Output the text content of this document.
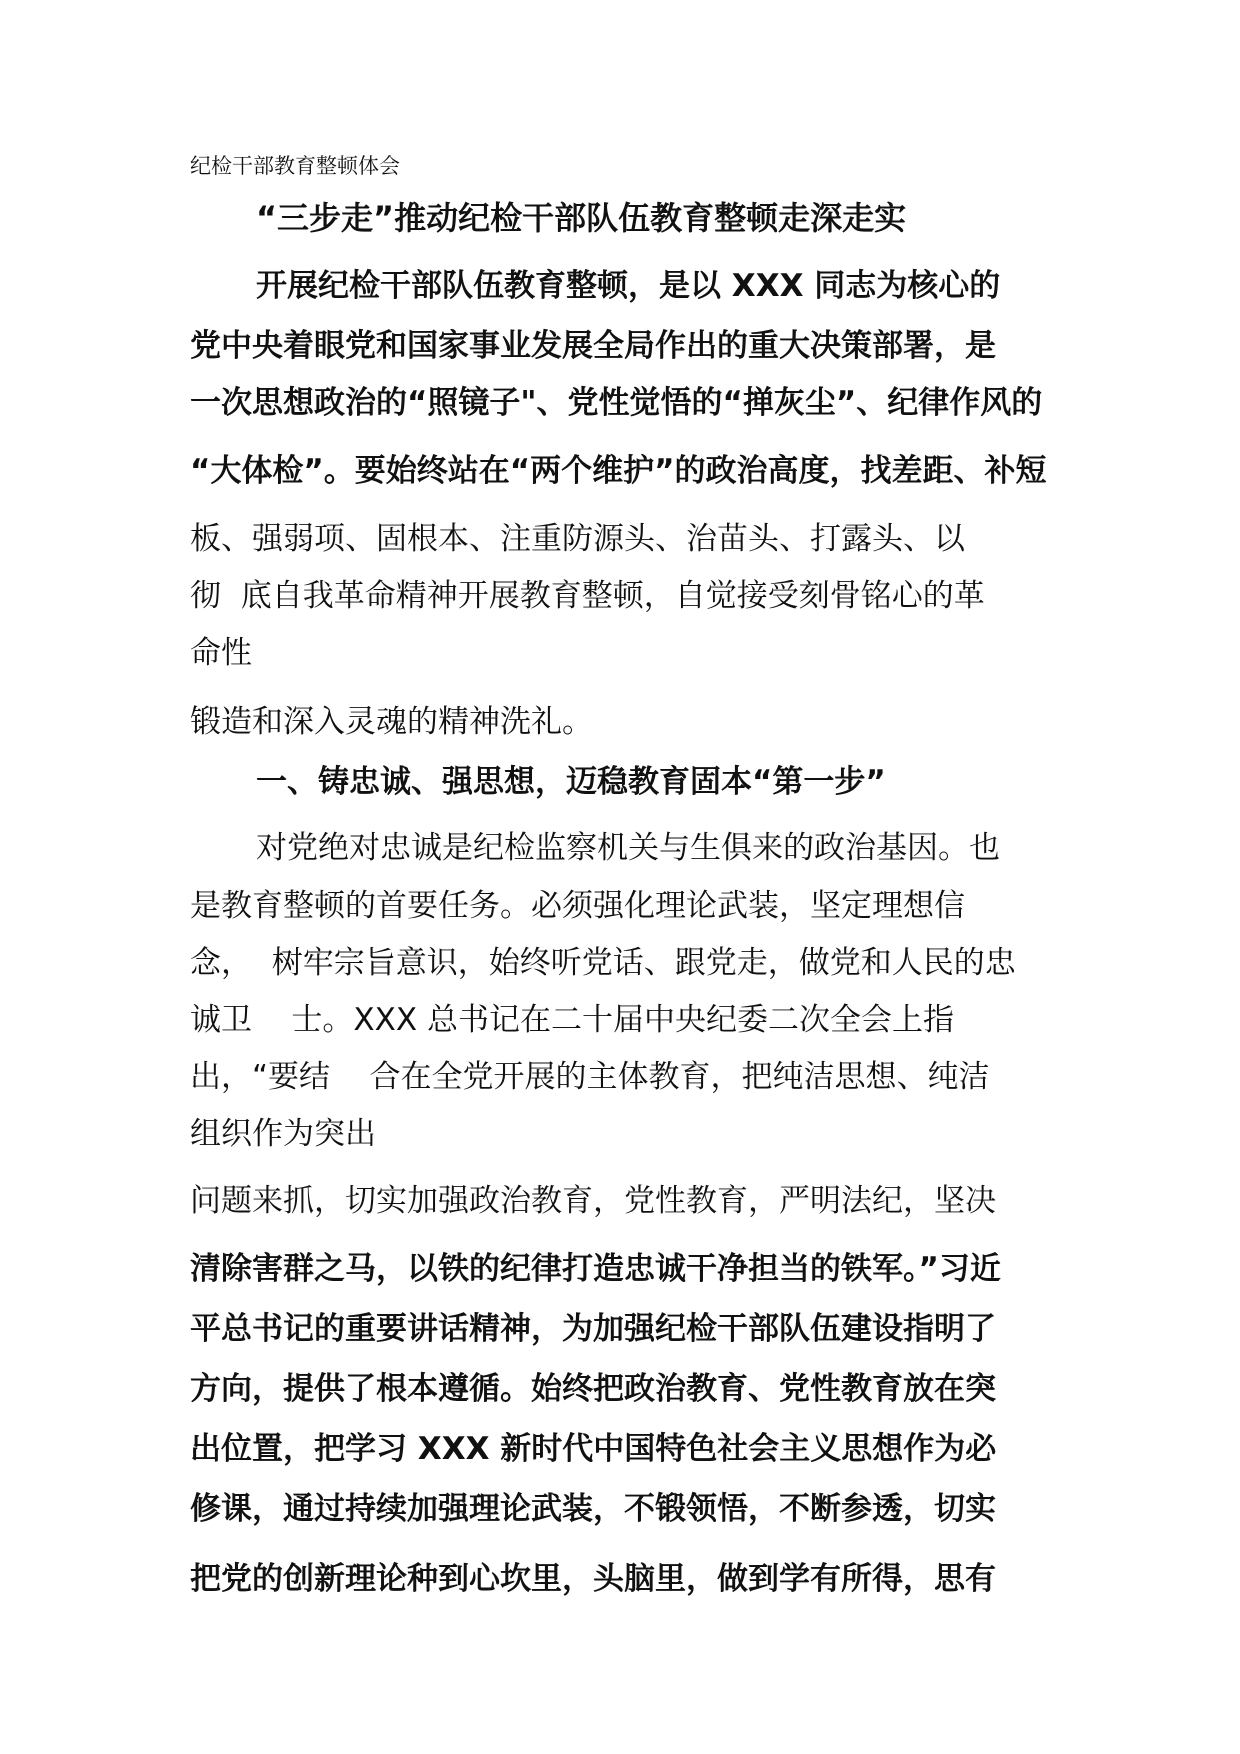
纪检干部教育整顿体会

“三步走”推动纪检干部队伍教育整顿走深走实

开展纪检干部队伍教育整顿，是以 XXX 同志为核心的

党中央着眼党和国家事业发展全局作出的重大决策部署，是

一次思想政治的“照镜子"、党性觉悟的“掸灰尘”、纪律作风的

“大体检”。要始终站在“两个维护”的政治高度，找差距、补短

板、强弱项、固根本、注重防源头、治苗头、打露头、以

彻  底自我革命精神开展教育整顿，自觉接受刻骨铭心的革

命性

锻造和深入灵魂的精神洗礼。

一、铸忠诚、强思想，迈稳教育固本“第一步”

对党绝对忠诚是纪检监察机关与生俱来的政治基因。也

是教育整顿的首要任务。必须强化理论武装，坚定理想信

念，  树牢宗旨意识，始终听党话、跟党走，做党和人民的忠

诚卫    士。XXX 总书记在二十届中央纪委二次全会上指

出，“要结    合在全党开展的主体教育，把纯洁思想、纯洁

组织作为突出

问题来抓，切实加强政治教育，党性教育，严明法纪，坚决

清除害群之马，以铁的纪律打造忠诚干净担当的铁军。”习近

平总书记的重要讲话精神，为加强纪检干部队伍建设指明了

方向，提供了根本遵循。始终把政治教育、党性教育放在突

出位置，把学习 XXX 新时代中国特色社会主义思想作为必

修课，通过持续加强理论武装，不锻领悟，不断参透，切实

把党的创新理论种到心坎里，头脑里，做到学有所得，思有
